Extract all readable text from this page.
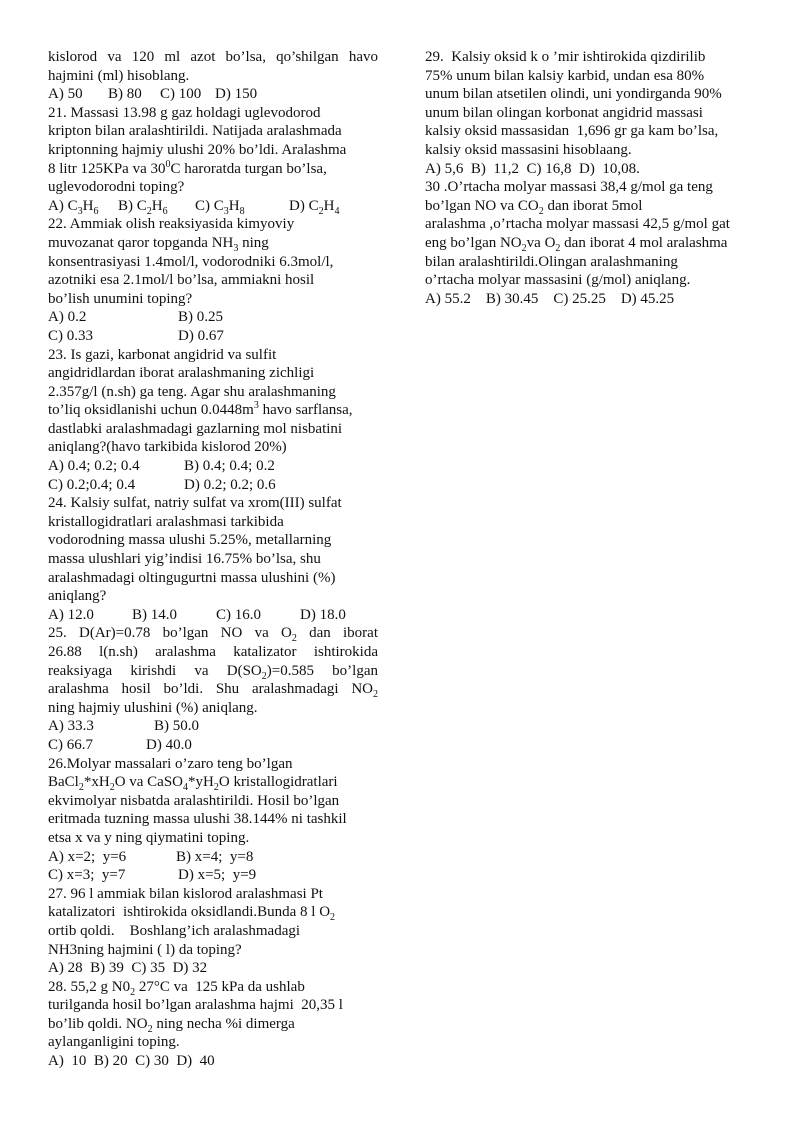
kislorod va 120 ml azot bo’lsa, qo’shilgan havo
hajmini (ml) hisoblang.
A) 50	B) 80	C) 100 D) 150
21. Massasi 13.98 g gaz holdagi uglevodorod
kripton bilan aralashtirildi. Natijada aralashmada
kriptonning hajmiy ulushi 20% bo’ldi. Aralashma
8 litr 125KPa va $30^0C$ haroratda turgan bo’lsa,
uglevodorodni toping?
A) $C_3H_6$	B) $C_2H_6$	C) $C_3H_8$	D) $C_2H_4$
22. Ammiak olish reaksiyasida kimyoviy
muvozanat qaror topganda $NH_3$ ning
konsentrasiyasi 1.4mol/l, vodorodniki 6.3mol/l,
azotniki esa 2.1mol/l bo’lsa, ammiakni hosil
bo’lish unumini toping?
A) 0.2	B) 0.25
C) 0.33	D) 0.67
23. Is gazi, karbonat angidrid va sulfit
angidridlardan iborat aralashmaning zichligi
2.357g/l (n.sh) ga teng. Agar shu aralashmaning
to’liq oksidlanishi uchun $0.0448m^3$ havo sarflansa,
dastlabki aralashmadagi gazlarning mol nisbatini
aniqlang?(havo tarkibida kislorod 20%)
A) 0.4; 0.2; 0.4	B) 0.4; 0.4; 0.2
C) 0.2;0.4; 0.4	D) 0.2; 0.2; 0.6
24. Kalsiy sulfat, natriy sulfat va xrom(III) sulfat
kristallogidratlari aralashmasi tarkibida
vodorodning massa ulushi 5.25%, metallarning
massa ulushlari yig’indisi 16.75% bo’lsa, shu
aralashmadagi oltingugurtni massa ulushini (%)
aniqlang?
A) 12.0	B) 14.0	C) 16.0	D) 18.0
25. D(Ar)=0.78 bo’lgan NO va $O_2$ dan iborat
26.88 l(n.sh) aralashma katalizator ishtirokida
reaksiyaga kirishdi va $D(SO_2)=0.585$ bo’lgan
aralashma hosil bo’ldi. Shu aralashmadagi $NO_2$
ning hajmiy ulushini (%) aniqlang.
A) 33.3	B) 50.0
C) 66.7	D) 40.0
26.Molyar massalari o’zaro teng bo’lgan
$BaCl_2*xH_2O$ va $CaSO_4*yH_2O$ kristallogidratlari
ekvimolyar nisbatda aralashtirildi. Hosil bo’lgan
eritmada tuzning massa ulushi 38.144% ni tashkil
etsa x va y ning qiymatini toping.
A) x=2;  y=6	B) x=4;  y=8
C) x=3;  y=7	D) x=5;  y=9
27. 96 l ammiak bilan kislorod aralashmasi Pt
katalizatori  ishtirokida oksidlandi.Bunda 8 l $O_2$
ortib qoldi.    Boshlang’ich aralashmadagi
NH3ning hajmini ( l) da toping?
A) 28  B) 39  C) 35  D) 32
28. 55,2 g $N0_2$ 27°C va  125 kPa da ushlab
turilganda hosil bo’lgan aralashma hajmi  20,35 l
bo’lib qoldi. $NO_2$ ning necha %i dimerga
aylanganligini toping.
A)  10  B) 20  C) 30  D)  40
29.  Kalsiy oksid k o ’mir ishtirokida qizdirilib
75% unum bilan kalsiy karbid, undan esa 80%
unum bilan atsetilen olindi, uni yondirganda 90%
unum bilan olingan korbonat angidrid massasi
kalsiy oksid massasidan  1,696 gr ga kam bo’lsa,
kalsiy oksid massasini hisoblaang.
A) 5,6  B)  11,2  C) 16,8  D)  10,08.
30 .O’rtacha molyar massasi 38,4 g/mol ga teng
bo’lgan NO va $CO_2$ dan iborat 5mol
aralashma ,o’rtacha molyar massasi 42,5 g/mol gat
eng bo’lgan $NO_2va$ $O_2$ dan iborat 4 mol aralashma
bilan aralashtirildi.Olingan aralashmaning
o’rtacha molyar massasini (g/mol) aniqlang.
A) 55.2    B) 30.45    C) 25.25    D) 45.25
